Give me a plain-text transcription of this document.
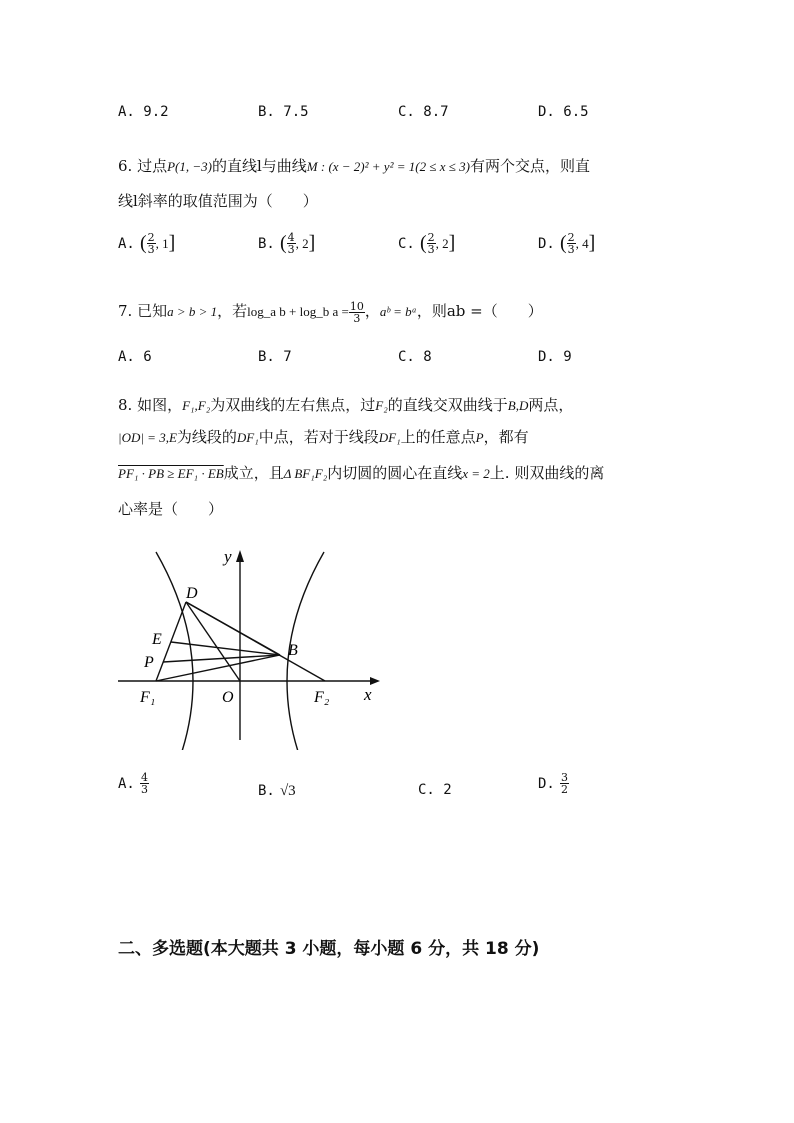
A. 9.2	B. 7.5	C. 8.7	D. 6.5
6. 过点P(1, −3)的直线l与曲线M : (x − 2)² + y² = 1(2 ≤ x ≤ 3)有两个交点，则直
线l斜率的取值范围为（　　）
A. ( $\frac{2}{3}$ , 1]	B. ( $\frac{4}{3}$ , 2]	C. ( $\frac{2}{3}$ , 2]	D. ( $\frac{2}{3}$ , 4]
7. 已知a > b > 1，若log_a b + log_b $a = \frac{10}{3}$ ，aᵇ = bᵃ，则ab =（　　）
A. 6	B. 7	C. 8	D. 9
8. 如图，F₁,F₂为双曲线的左右焦点，过F₂的直线交双曲线于B,D两点，
|OD| = 3,E为线段的DF₁中点，若对于线段DF₁上的任意点P，都有
PF₁ · PB ≥ EF₁ · EB成立，且Δ BF₁F₂内切圆的圆心在直线x = 2上. 则双曲线的离
心率是（　　）
y
x
D
E
P
B
F₁	O	F₂
A. $\frac{4}{3}$	B. √3	C. 2	D. $\frac{3}{2}$
二、多选题(本大题共 3 小题，每小题 6 分，共 18 分)
